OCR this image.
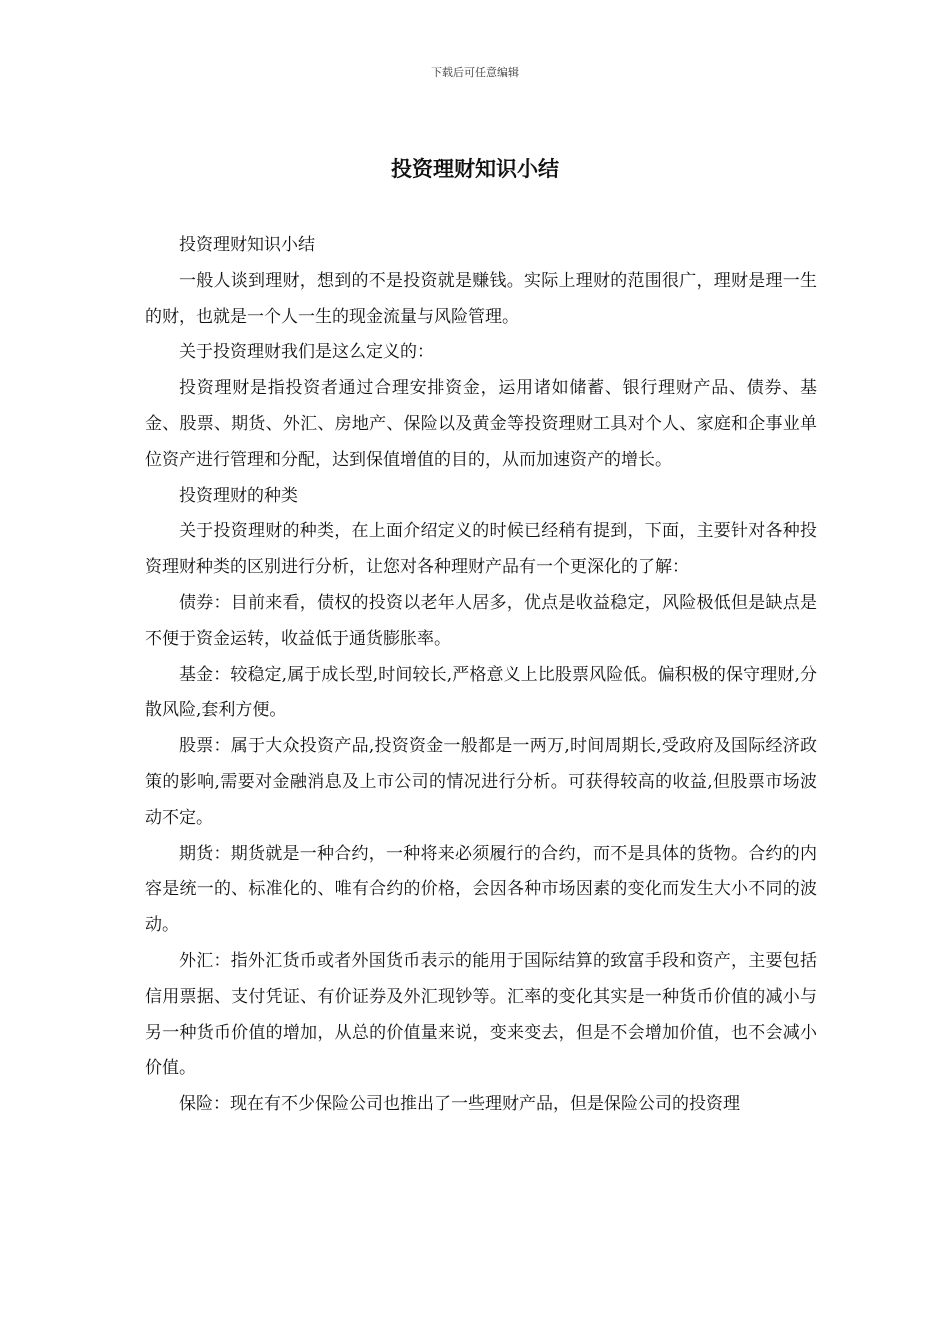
下载后可任意编辑
投资理财知识小结

投资理财知识小结

一般人谈到理财，想到的不是投资就是赚钱。实际上理财的范围很广，理财是理一生的财，也就是一个人一生的现金流量与风险管理。

关于投资理财我们是这么定义的：

投资理财是指投资者通过合理安排资金，运用诸如储蓄、银行理财产品、债券、基金、股票、期货、外汇、房地产、保险以及黄金等投资理财工具对个人、家庭和企事业单位资产进行管理和分配，达到保值增值的目的，从而加速资产的增长。

投资理财的种类

关于投资理财的种类，在上面介绍定义的时候已经稍有提到，下面，主要针对各种投资理财种类的区别进行分析，让您对各种理财产品有一个更深化的了解：

债券：目前来看，债权的投资以老年人居多，优点是收益稳定，风险极低但是缺点是不便于资金运转，收益低于通货膨胀率。

基金：较稳定,属于成长型,时间较长,严格意义上比股票风险低。偏积极的保守理财,分散风险,套利方便。

股票：属于大众投资产品,投资资金一般都是一两万,时间周期长,受政府及国际经济政策的影响,需要对金融消息及上市公司的情况进行分析。可获得较高的收益,但股票市场波动不定。

期货：期货就是一种合约，一种将来必须履行的合约，而不是具体的货物。合约的内容是统一的、标准化的、唯有合约的价格，会因各种市场因素的变化而发生大小不同的波动。

外汇：指外汇货币或者外国货币表示的能用于国际结算的致富手段和资产，主要包括信用票据、支付凭证、有价证券及外汇现钞等。汇率的变化其实是一种货币价值的减小与另一种货币价值的增加，从总的价值量来说，变来变去，但是不会增加价值，也不会减小价值。

保险：现在有不少保险公司也推出了一些理财产品，但是保险公司的投资理
